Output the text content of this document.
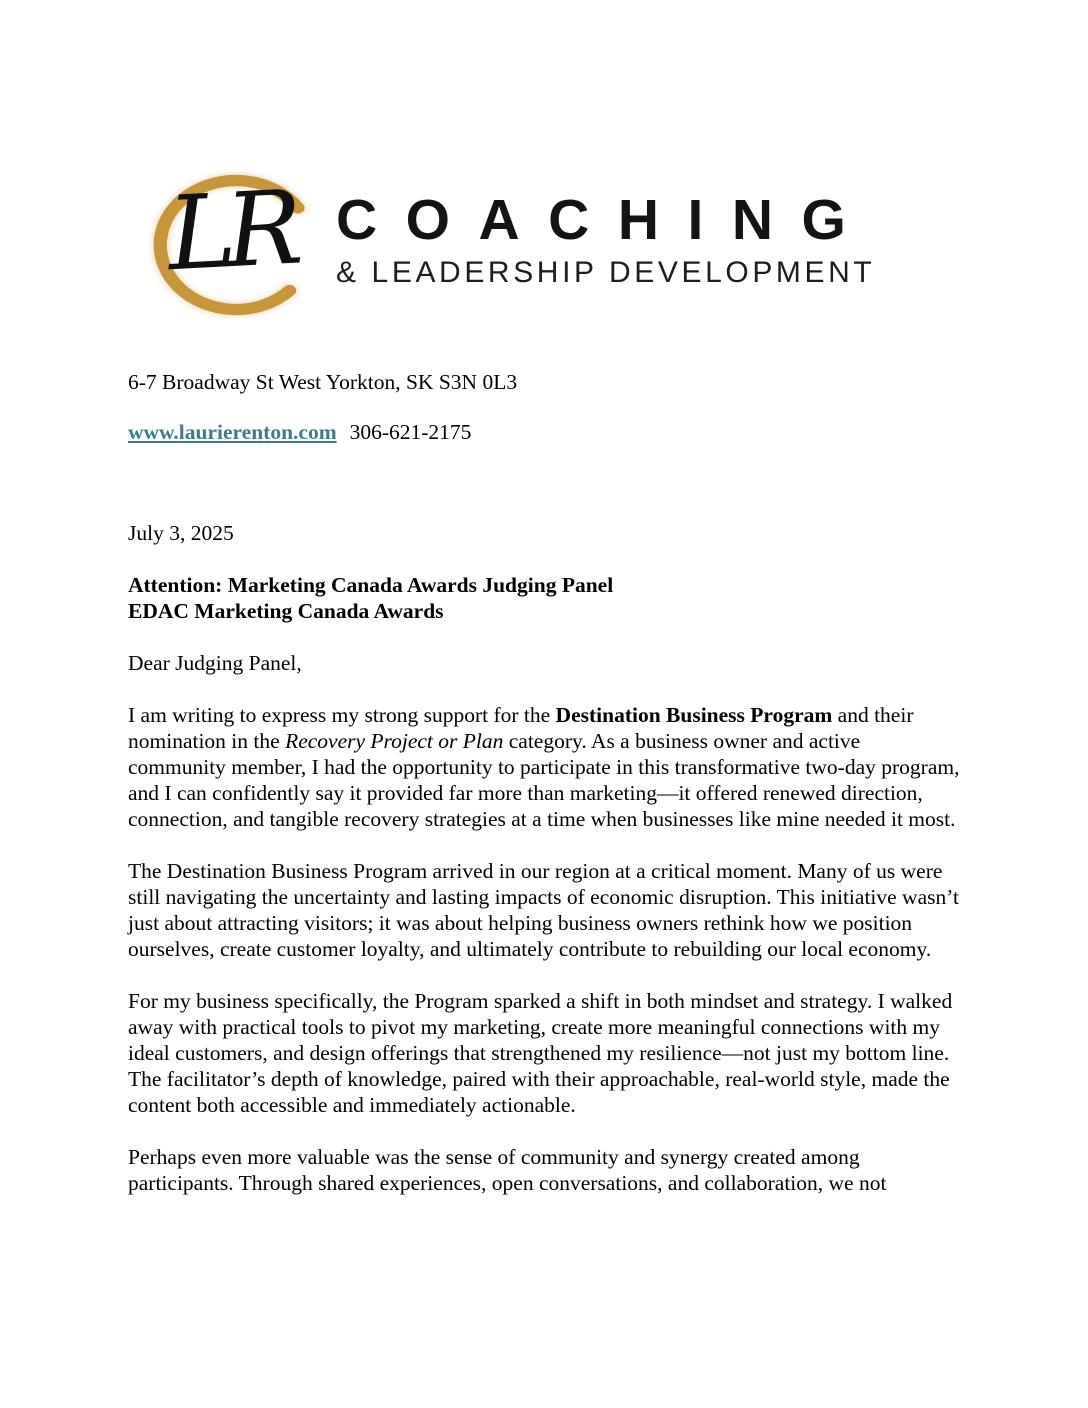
LR COACHING
& LEADERSHIP DEVELOPMENT
6-7 Broadway St West Yorkton, SK S3N 0L3
www.laurierenton.com 306-621-2175

July 3, 2025

Attention: Marketing Canada Awards Judging Panel
EDAC Marketing Canada Awards

Dear Judging Panel,

I am writing to express my strong support for the Destination Business Program and their nomination in the Recovery Project or Plan category. As a business owner and active community member, I had the opportunity to participate in this transformative two-day program, and I can confidently say it provided far more than marketing—it offered renewed direction, connection, and tangible recovery strategies at a time when businesses like mine needed it most.

The Destination Business Program arrived in our region at a critical moment. Many of us were still navigating the uncertainty and lasting impacts of economic disruption. This initiative wasn’t just about attracting visitors; it was about helping business owners rethink how we position ourselves, create customer loyalty, and ultimately contribute to rebuilding our local economy.

For my business specifically, the Program sparked a shift in both mindset and strategy. I walked away with practical tools to pivot my marketing, create more meaningful connections with my ideal customers, and design offerings that strengthened my resilience—not just my bottom line. The facilitator’s depth of knowledge, paired with their approachable, real-world style, made the content both accessible and immediately actionable.

Perhaps even more valuable was the sense of community and synergy created among participants. Through shared experiences, open conversations, and collaboration, we not
